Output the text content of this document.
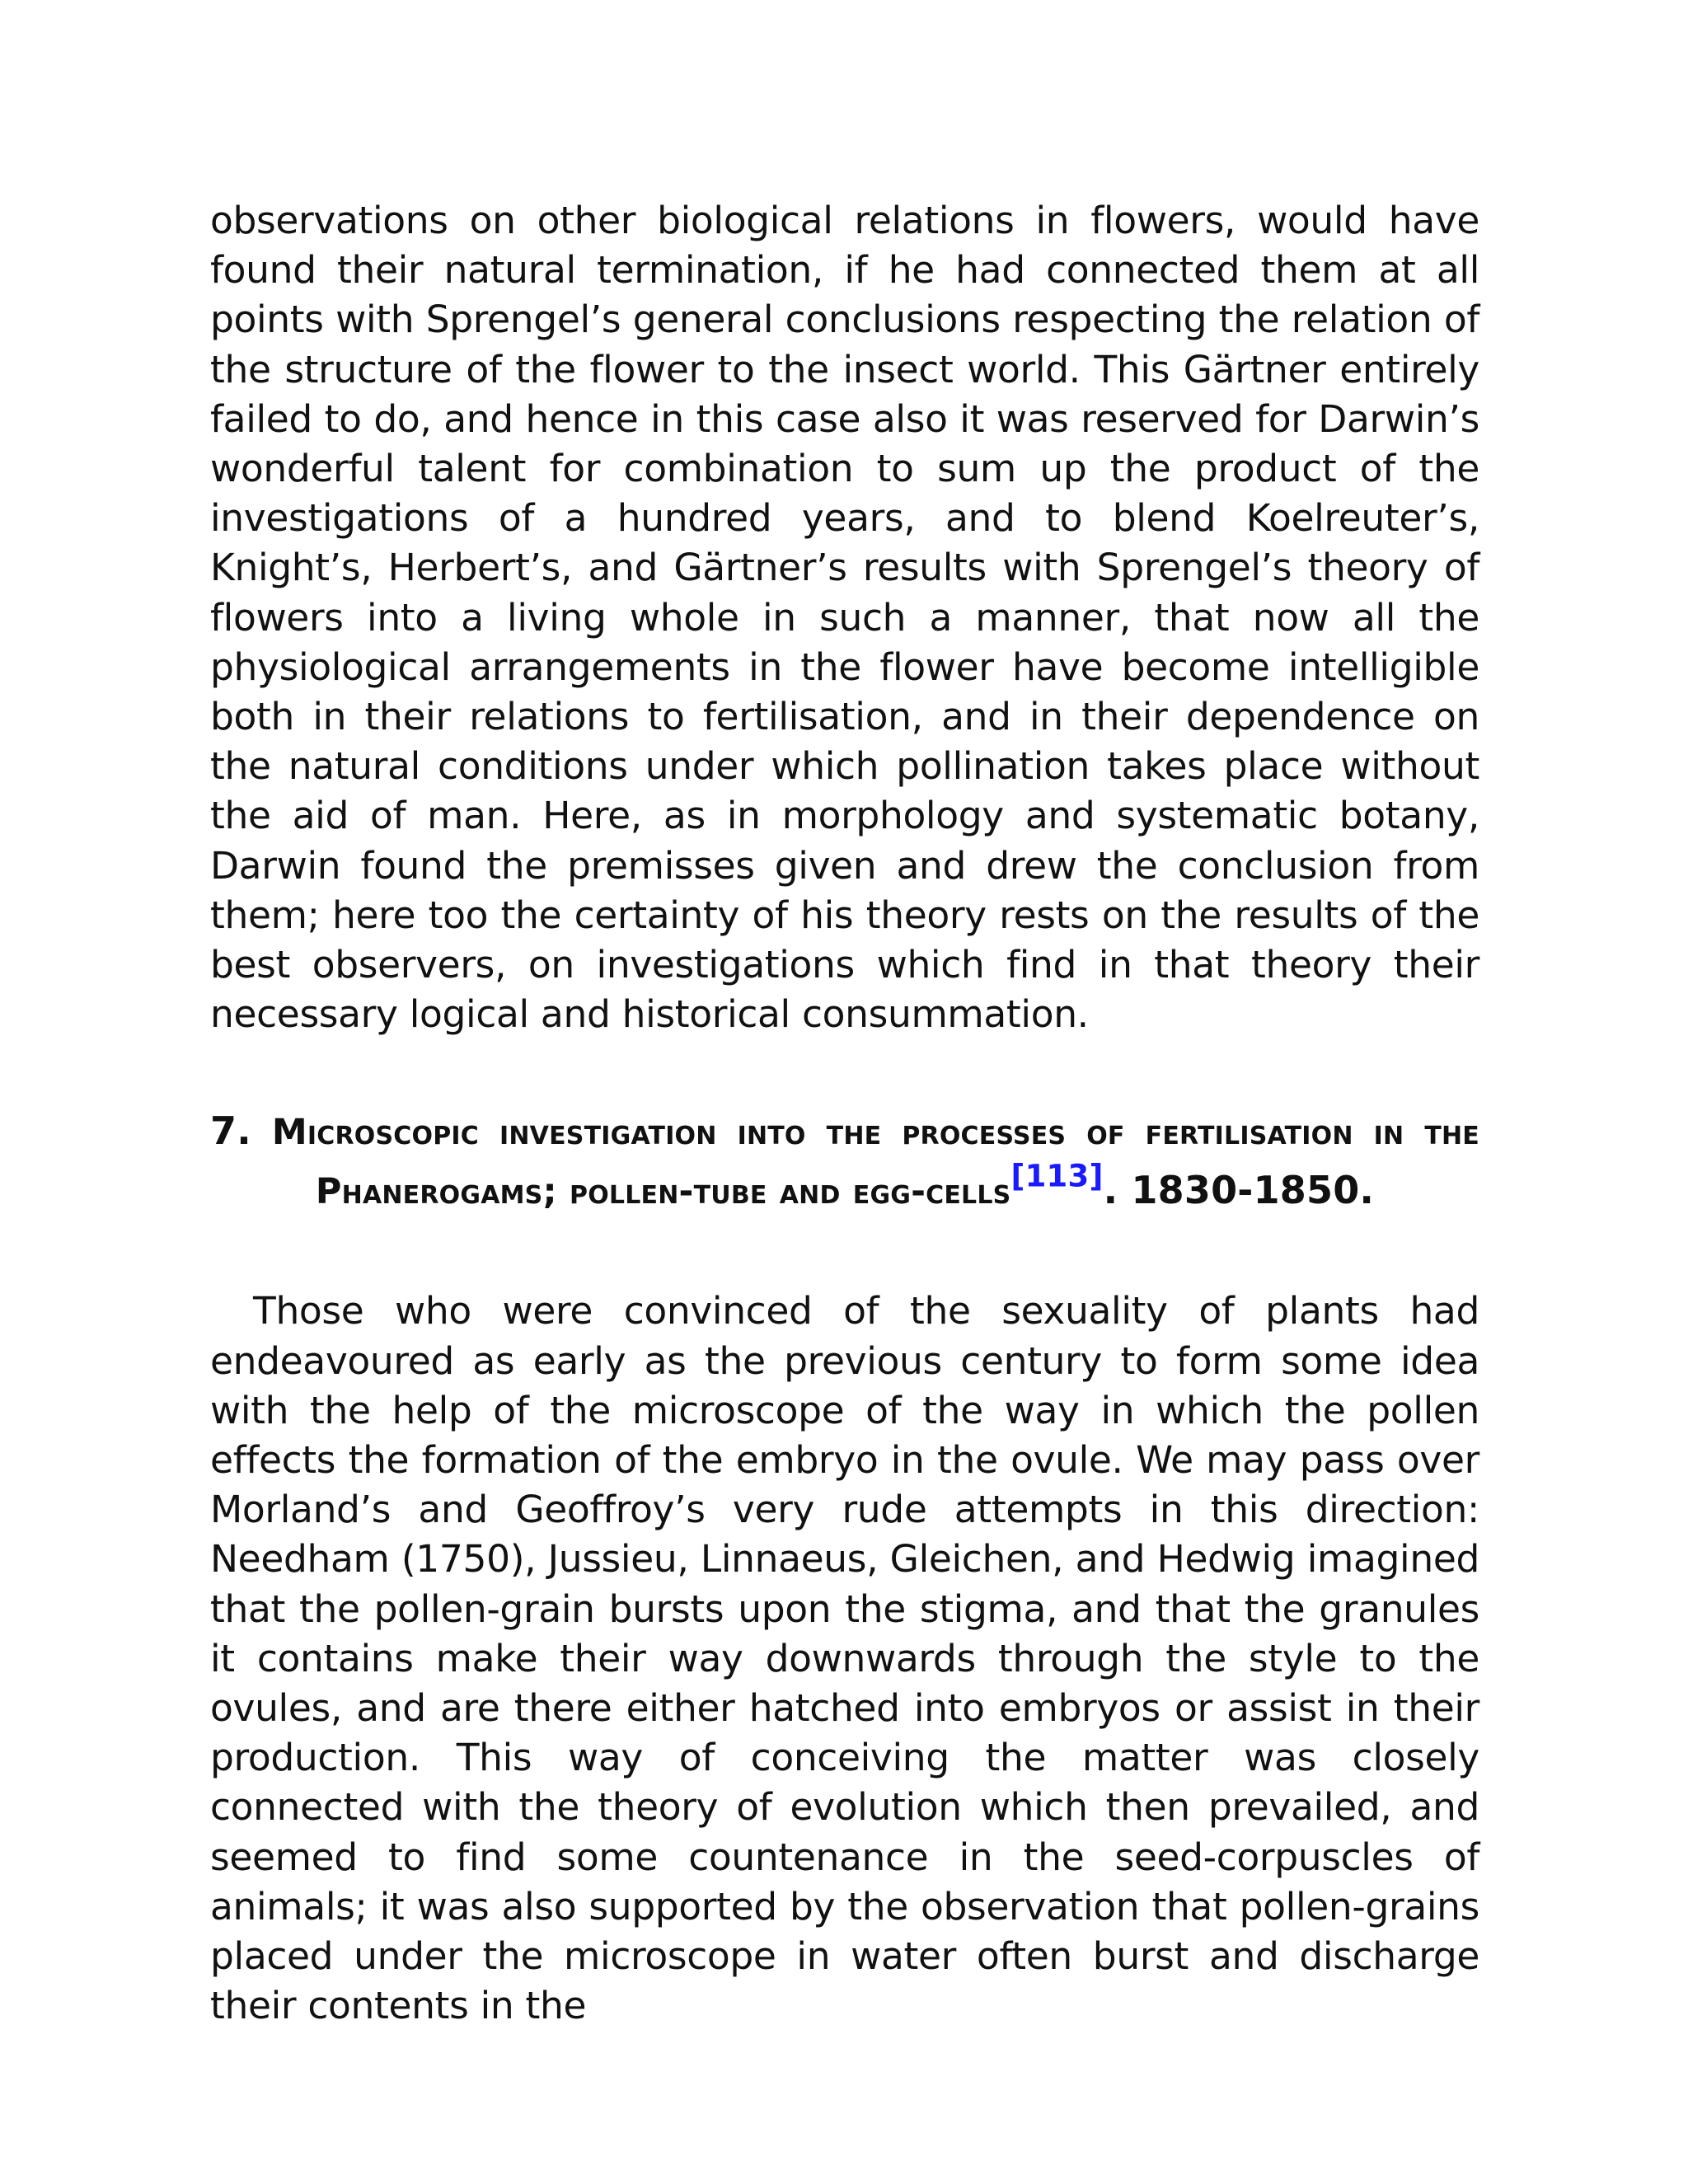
observations on other biological relations in flowers, would have found their natural termination, if he had connected them at all points with Sprengel’s general conclusions respecting the relation of the structure of the flower to the insect world. This Gärtner entirely failed to do, and hence in this case also it was reserved for Darwin’s wonderful talent for combination to sum up the product of the investigations of a hundred years, and to blend Koelreuter’s, Knight’s, Herbert’s, and Gärtner’s results with Sprengel’s theory of flowers into a living whole in such a manner, that now all the physiological arrangements in the flower have become intelligible both in their relations to fertilisation, and in their dependence on the natural conditions under which pollination takes place without the aid of man. Here, as in morphology and systematic botany, Darwin found the premisses given and drew the conclusion from them; here too the certainty of his theory rests on the results of the best observers, on investigations which find in that theory their necessary logical and historical consummation.

7. Microscopic investigation into the processes of fertilisation in the Phanerogams; pollen-tube and egg-cells[113]. 1830-1850.

Those who were convinced of the sexuality of plants had endeavoured as early as the previous century to form some idea with the help of the microscope of the way in which the pollen effects the formation of the embryo in the ovule. We may pass over Morland’s and Geoffroy’s very rude attempts in this direction: Needham (1750), Jussieu, Linnaeus, Gleichen, and Hedwig imagined that the pollen-grain bursts upon the stigma, and that the granules it contains make their way downwards through the style to the ovules, and are there either hatched into embryos or assist in their production. This way of conceiving the matter was closely connected with the theory of evolution which then prevailed, and seemed to find some countenance in the seed-corpuscles of animals; it was also supported by the observation that pollen-grains placed under the microscope in water often burst and discharge their contents in the
